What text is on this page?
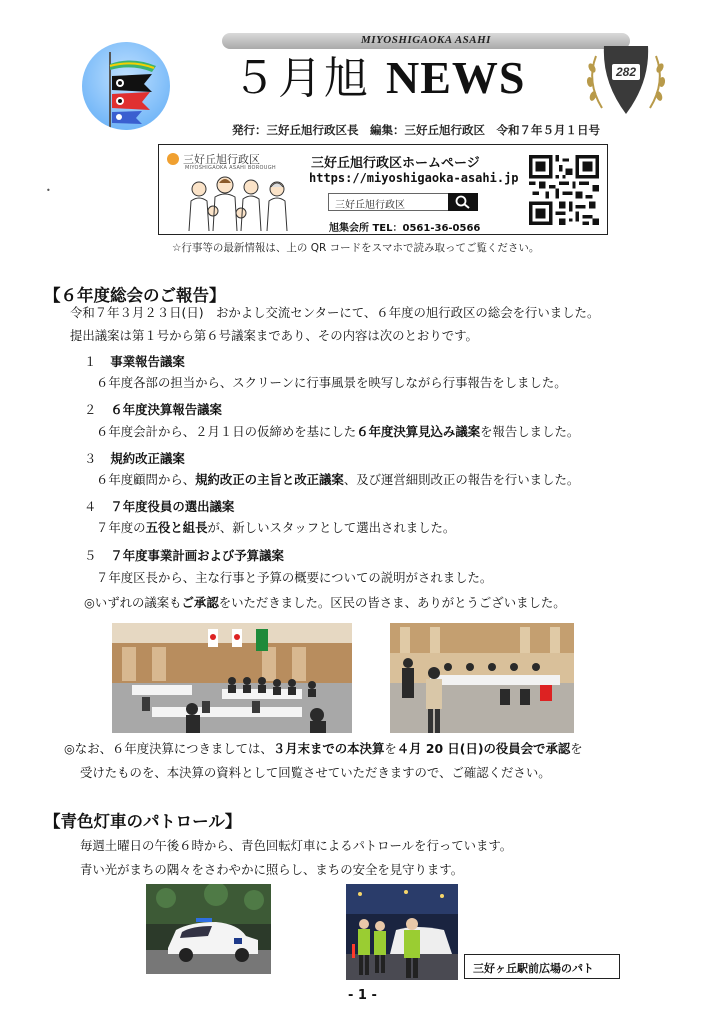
MIYOSHIGAOKA ASAHI
５月旭 NEWS	282
発行：三好丘旭行政区長　編集：三好丘旭行政区　令和７年５月１日号
•
三好丘旭行政区
MIYOSHIGAOKA ASAHI BOROUGH	三好丘旭行政区ホームページ
https://miyoshigaoka-asahi.jp
三好丘旭行政区
旭集会所 TEL：0561-36-0566
☆行事等の最新情報は、上の QR コードをスマホで読み取ってご覧ください。
【６年度総会のご報告】
令和７年３月２３日(日)　おかよし交流センターにて、６年度の旭行政区の総会を行いました。
提出議案は第１号から第６号議案まであり、その内容は次のとおりです。
１ 事業報告議案
６年度各部の担当から、スクリーンに行事風景を映写しながら行事報告をしました。
２ ６年度決算報告議案
６年度会計から、２月１日の仮締めを基にした６年度決算見込み議案を報告しました。
３ 規約改正議案
６年度顧問から、規約改正の主旨と改正議案、及び運営細則改正の報告を行いました。
４ ７年度役員の選出議案
７年度の五役と組長が、新しいスタッフとして選出されました。
５ ７年度事業計画および予算議案
７年度区長から、主な行事と予算の概要についての説明がされました。
◎いずれの議案もご承認をいただきました。区民の皆さま、ありがとうございました。
◎なお、６年度決算につきましては、３月末までの本決算を４月 20 日(日)の役員会で承認を
受けたものを、本決算の資料として回覧させていただきますので、ご確認ください。
【青色灯車のパトロール】
毎週土曜日の午後６時から、青色回転灯車によるパトロールを行っています。
青い光がまちの隅々をさわやかに照らし、まちの安全を見守ります。
三好ヶ丘駅前広場のパト
- 1 -
